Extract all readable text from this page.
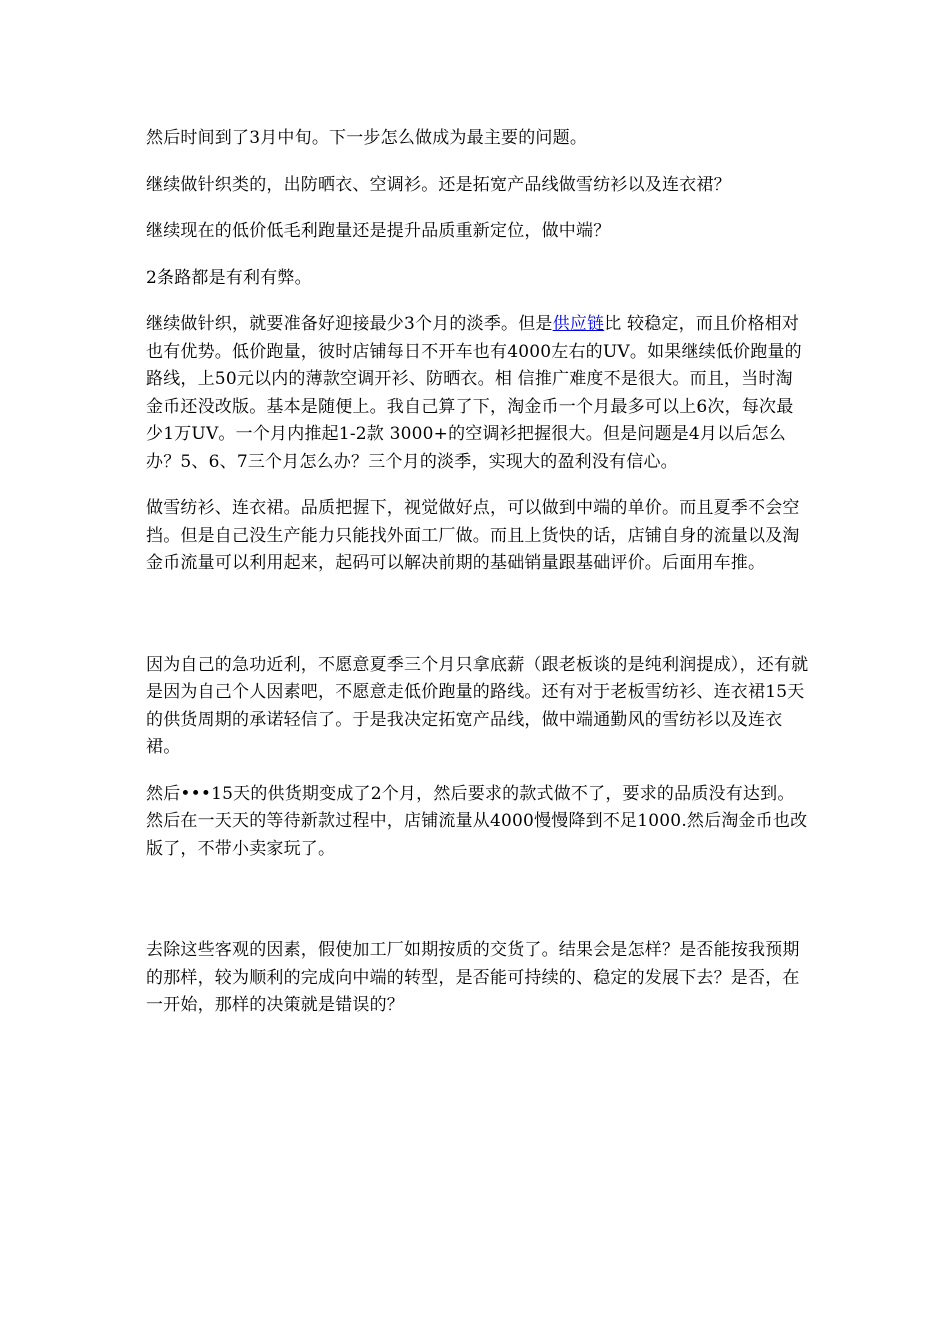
然后时间到了3月中旬。下一步怎么做成为最主要的问题。

继续做针织类的，出防晒衣、空调衫。还是拓宽产品线做雪纺衫以及连衣裙？

继续现在的低价低毛利跑量还是提升品质重新定位，做中端？

2条路都是有利有弊。

继续做针织，就要准备好迎接最少3个月的淡季。但是供应链比 较稳定，而且价格相对也有优势。低价跑量，彼时店铺每日不开车也有4000左右的UV。如果继续低价跑量的路线，上50元以内的薄款空调开衫、防晒衣。相 信推广难度不是很大。而且，当时淘金币还没改版。基本是随便上。我自己算了下，淘金币一个月最多可以上6次，每次最少1万UV。一个月内推起1-2款 3000+的空调衫把握很大。但是问题是4月以后怎么办？5、6、7三个月怎么办？三个月的淡季，实现大的盈利没有信心。

做雪纺衫、连衣裙。品质把握下，视觉做好点，可以做到中端的单价。而且夏季不会空挡。但是自己没生产能力只能找外面工厂做。而且上货快的话，店铺自身的流量以及淘金币流量可以利用起来，起码可以解决前期的基础销量跟基础评价。后面用车推。

因为自己的急功近利，不愿意夏季三个月只拿底薪（跟老板谈的是纯利润提成），还有就是因为自己个人因素吧，不愿意走低价跑量的路线。还有对于老板雪纺衫、连衣裙15天的供货周期的承诺轻信了。于是我决定拓宽产品线，做中端通勤风的雪纺衫以及连衣裙。

然后•••15天的供货期变成了2个月，然后要求的款式做不了，要求的品质没有达到。然后在一天天的等待新款过程中，店铺流量从4000慢慢降到不足1000.然后淘金币也改版了，不带小卖家玩了。

去除这些客观的因素，假使加工厂如期按质的交货了。结果会是怎样？是否能按我预期的那样，较为顺利的完成向中端的转型，是否能可持续的、稳定的发展下去？是否，在一开始，那样的决策就是错误的？
